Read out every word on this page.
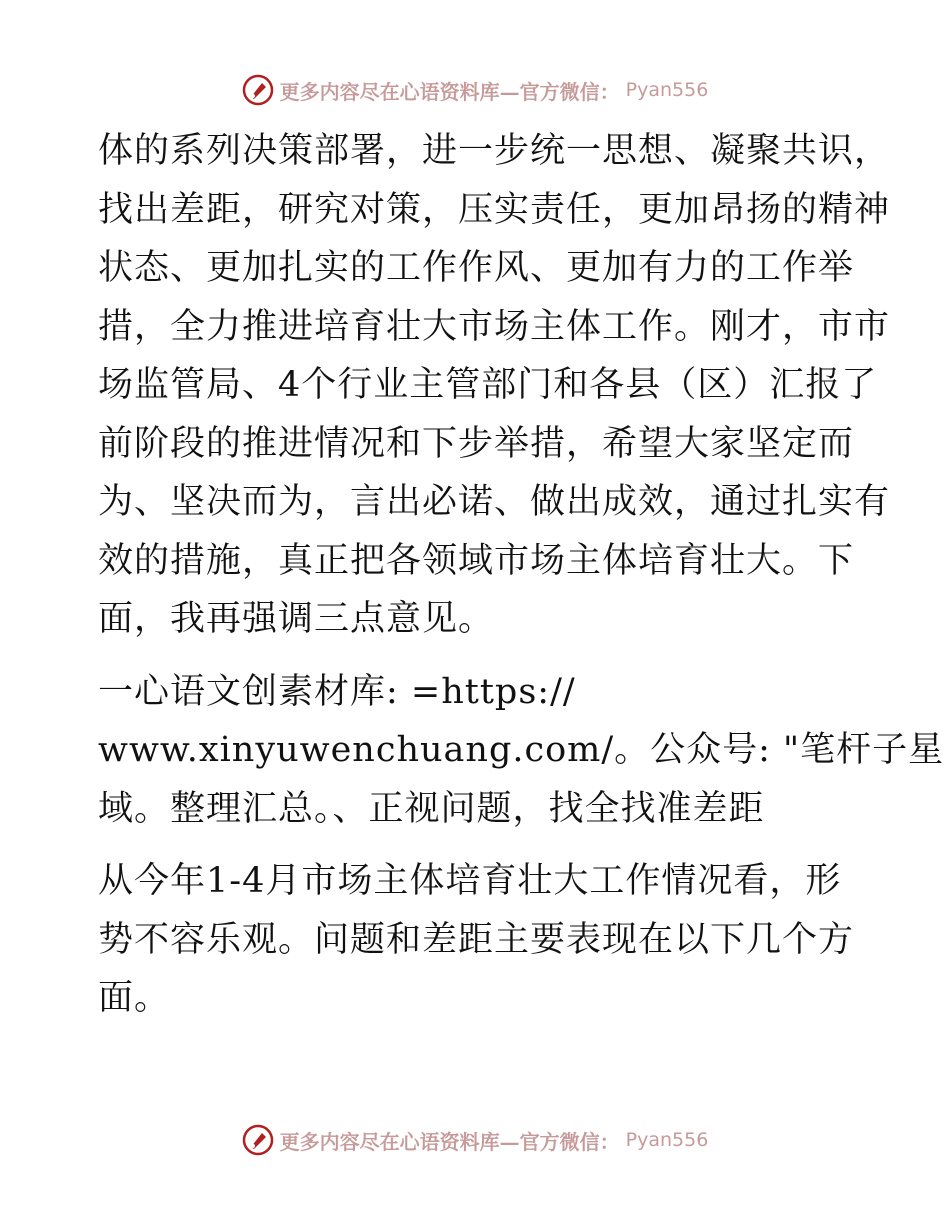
更多内容尽在心语资料库—官方微信： Pyan556
体的系列决策部署，进一步统一思想、凝聚共识，
找出差距，研究对策，压实责任，更加昂扬的精神
状态、更加扎实的工作作风、更加有力的工作举
措，全力推进培育壮大市场主体工作。刚才，市市
场监管局、4个行业主管部门和各县（区）汇报了
前阶段的推进情况和下步举措，希望大家坚定而
为、坚决而为，言出必诺、做出成效，通过扎实有
效的措施，真正把各领域市场主体培育壮大。下
面，我再强调三点意见。
一心语文创素材库: =https://
www.xinyuwenchuang.com/。公众号: "笔杆子星
域。整理汇总。、正视问题，找全找准差距
从今年1-4月市场主体培育壮大工作情况看，形
势不容乐观。问题和差距主要表现在以下几个方
面。
更多内容尽在心语资料库—官方微信： Pyan556
